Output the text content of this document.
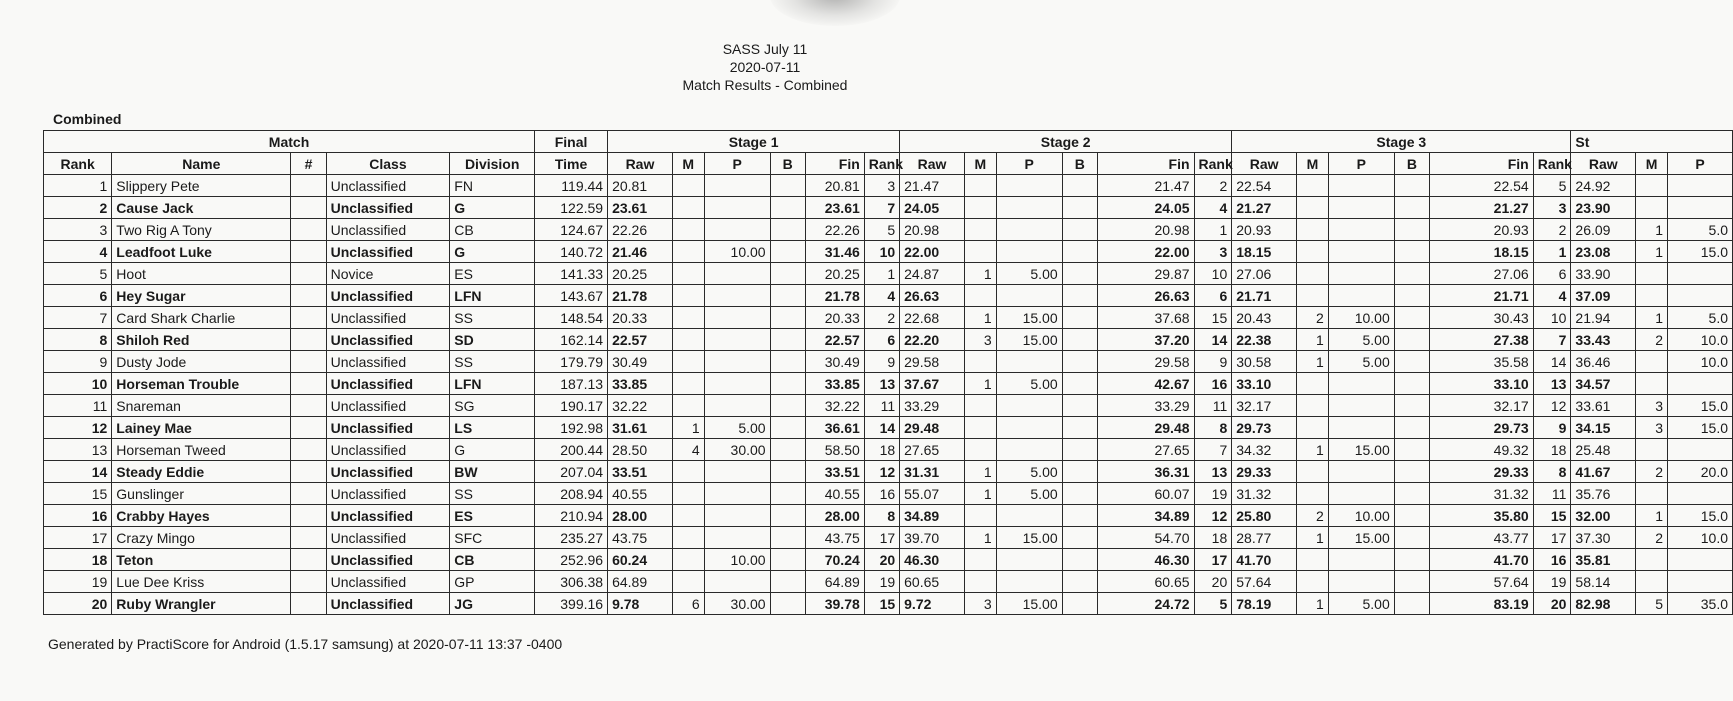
SASS July 11
2020-07-11
Match Results - Combined
Combined
Match					Final	Stage 1						Stage 2						Stage 3						St		
Rank	Name	#	Class	Division	Time	Raw	M	P	B	Fin	Rank	Raw	M	P	B	Fin	Rank	Raw	M	P	B	Fin	Rank	Raw	M	P
1	Slippery Pete		Unclassified	FN	119.44	20.81				20.81	3	21.47				21.47	2	22.54				22.54	5	24.92		
2	Cause Jack		Unclassified	G	122.59	23.61				23.61	7	24.05				24.05	4	21.27				21.27	3	23.90		
3	Two Rig A Tony		Unclassified	CB	124.67	22.26				22.26	5	20.98				20.98	1	20.93				20.93	2	26.09	1	5.0
4	Leadfoot Luke		Unclassified	G	140.72	21.46		10.00		31.46	10	22.00				22.00	3	18.15				18.15	1	23.08	1	15.0
5	Hoot		Novice	ES	141.33	20.25				20.25	1	24.87	1	5.00		29.87	10	27.06				27.06	6	33.90		
6	Hey Sugar		Unclassified	LFN	143.67	21.78				21.78	4	26.63				26.63	6	21.71				21.71	4	37.09		
7	Card Shark Charlie		Unclassified	SS	148.54	20.33				20.33	2	22.68	1	15.00		37.68	15	20.43	2	10.00		30.43	10	21.94	1	5.0
8	Shiloh Red		Unclassified	SD	162.14	22.57				22.57	6	22.20	3	15.00		37.20	14	22.38	1	5.00		27.38	7	33.43	2	10.0
9	Dusty Jode		Unclassified	SS	179.79	30.49				30.49	9	29.58				29.58	9	30.58	1	5.00		35.58	14	36.46		10.0
10	Horseman Trouble		Unclassified	LFN	187.13	33.85				33.85	13	37.67	1	5.00		42.67	16	33.10				33.10	13	34.57		
11	Snareman		Unclassified	SG	190.17	32.22				32.22	11	33.29				33.29	11	32.17				32.17	12	33.61	3	15.0
12	Lainey Mae		Unclassified	LS	192.98	31.61	1	5.00		36.61	14	29.48				29.48	8	29.73				29.73	9	34.15	3	15.0
13	Horseman Tweed		Unclassified	G	200.44	28.50	4	30.00		58.50	18	27.65				27.65	7	34.32	1	15.00		49.32	18	25.48		
14	Steady Eddie		Unclassified	BW	207.04	33.51				33.51	12	31.31	1	5.00		36.31	13	29.33				29.33	8	41.67	2	20.0
15	Gunslinger		Unclassified	SS	208.94	40.55				40.55	16	55.07	1	5.00		60.07	19	31.32				31.32	11	35.76		
16	Crabby Hayes		Unclassified	ES	210.94	28.00				28.00	8	34.89				34.89	12	25.80	2	10.00		35.80	15	32.00	1	15.0
17	Crazy Mingo		Unclassified	SFC	235.27	43.75				43.75	17	39.70	1	15.00		54.70	18	28.77	1	15.00		43.77	17	37.30	2	10.0
18	Teton		Unclassified	CB	252.96	60.24		10.00		70.24	20	46.30				46.30	17	41.70				41.70	16	35.81		
19	Lue Dee Kriss		Unclassified	GP	306.38	64.89				64.89	19	60.65				60.65	20	57.64				57.64	19	58.14		
20	Ruby Wrangler		Unclassified	JG	399.16	9.78	6	30.00		39.78	15	9.72	3	15.00		24.72	5	78.19	1	5.00		83.19	20	82.98	5	35.0
Generated by PractiScore for Android (1.5.17 samsung) at 2020-07-11 13:37 -0400
